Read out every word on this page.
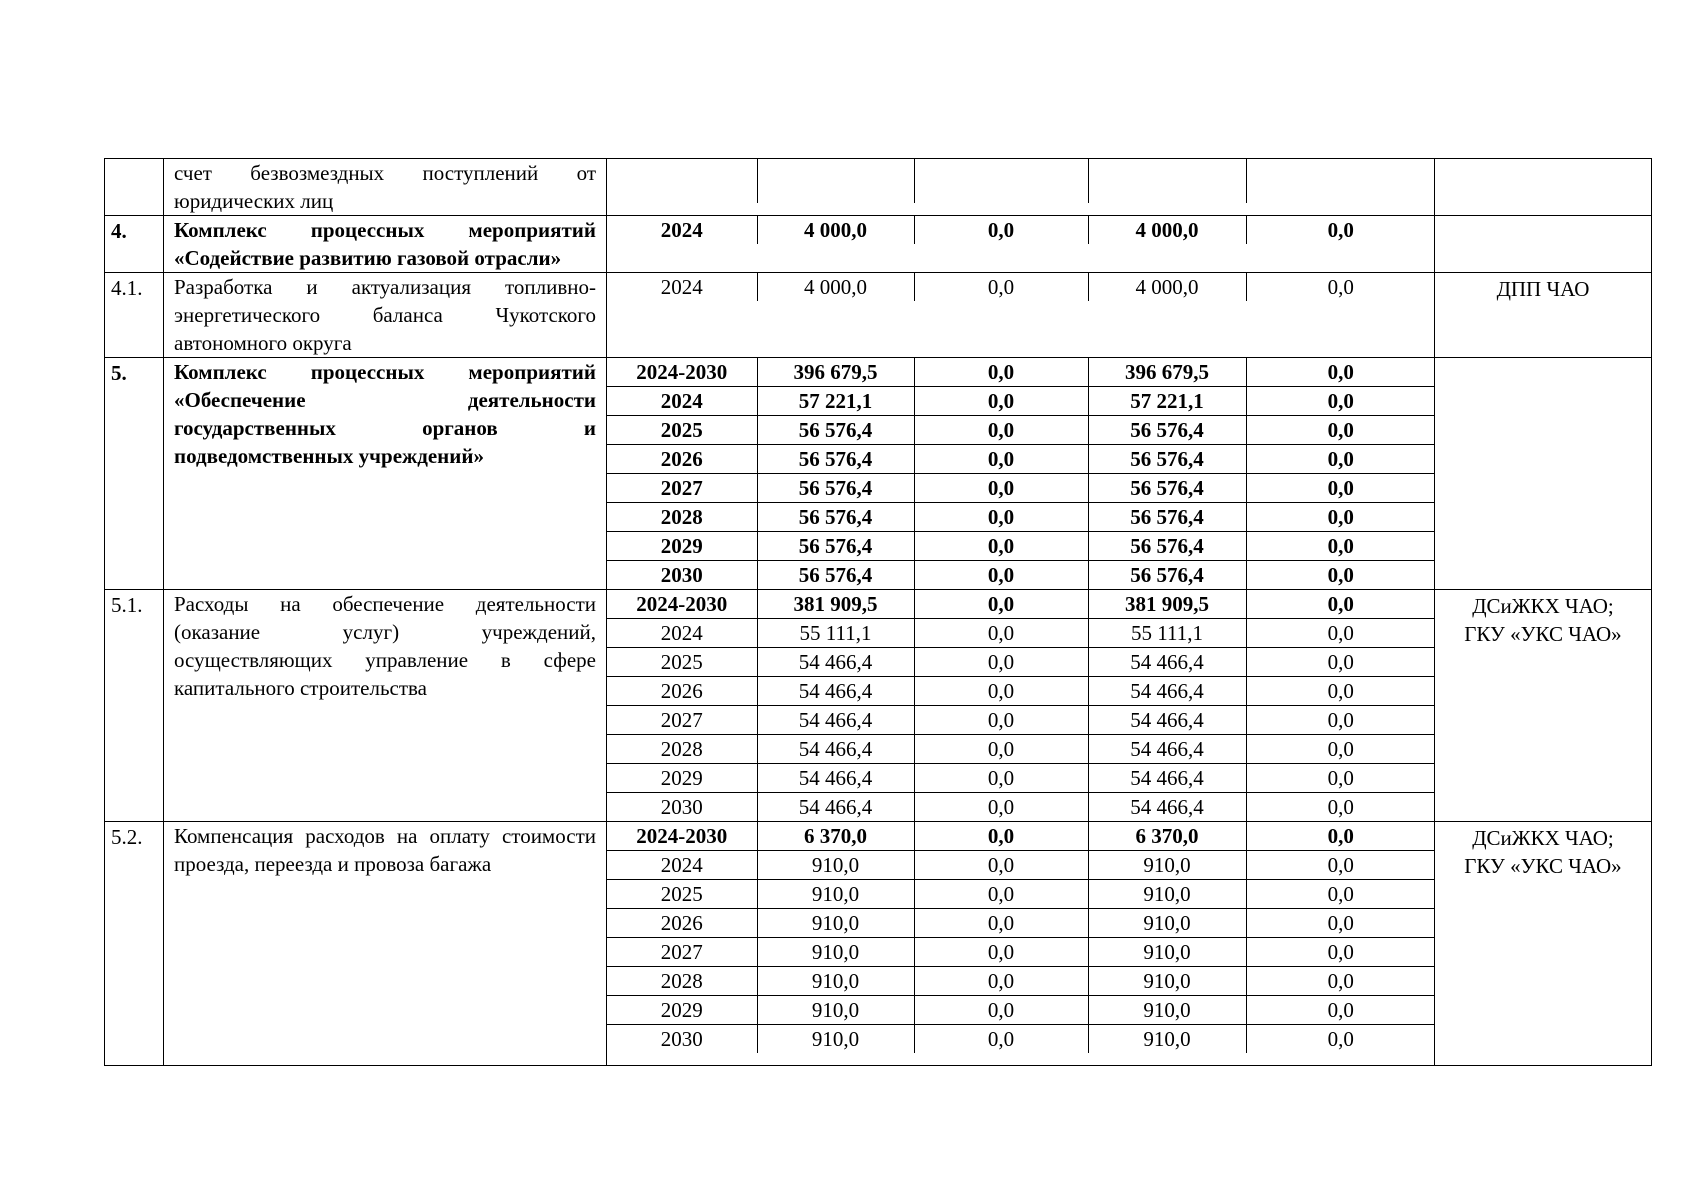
	счет безвозмездных поступлений от юридических лиц	

4.	Комплекс процессных мероприятий «Содействие развитию газовой отрасли»	
2024	4 000,0	0,0	4 000,0	0,0

4.1.	Разработка и актуализация топливно-энергетического баланса Чукотского автономного округа	
2024	4 000,0	0,0	4 000,0	0,0
		ДПП ЧАО
5.	Комплекс процессных мероприятий «Обеспечение деятельности государственных органов и подведомственных учреждений»	
2024-2030	396 679,5	0,0	396 679,5	0,0
2024	57 221,1	0,0	57 221,1	0,0
2025	56 576,4	0,0	56 576,4	0,0
2026	56 576,4	0,0	56 576,4	0,0
2027	56 576,4	0,0	56 576,4	0,0
2028	56 576,4	0,0	56 576,4	0,0
2029	56 576,4	0,0	56 576,4	0,0
2030	56 576,4	0,0	56 576,4	0,0

5.1.	Расходы на обеспечение деятельности (оказание услуг) учреждений, осуществляющих управление в сфере капитального строительства	
2024-2030	381 909,5	0,0	381 909,5	0,0
2024	55 111,1	0,0	55 111,1	0,0
2025	54 466,4	0,0	54 466,4	0,0
2026	54 466,4	0,0	54 466,4	0,0
2027	54 466,4	0,0	54 466,4	0,0
2028	54 466,4	0,0	54 466,4	0,0
2029	54 466,4	0,0	54 466,4	0,0
2030	54 466,4	0,0	54 466,4	0,0
	ДСиЖКХ ЧАО;
ГКУ «УКС ЧАО»
5.2.	Компенсация расходов на оплату стоимости проезда, переезда и провоза багажа	
2024-2030	6 370,0	0,0	6 370,0	0,0
2024	910,0	0,0	910,0	0,0
2025	910,0	0,0	910,0	0,0
2026	910,0	0,0	910,0	0,0
2027	910,0	0,0	910,0	0,0
2028	910,0	0,0	910,0	0,0
2029	910,0	0,0	910,0	0,0
2030	910,0	0,0	910,0	0,0
	ДСиЖКХ ЧАО;
ГКУ «УКС ЧАО»
